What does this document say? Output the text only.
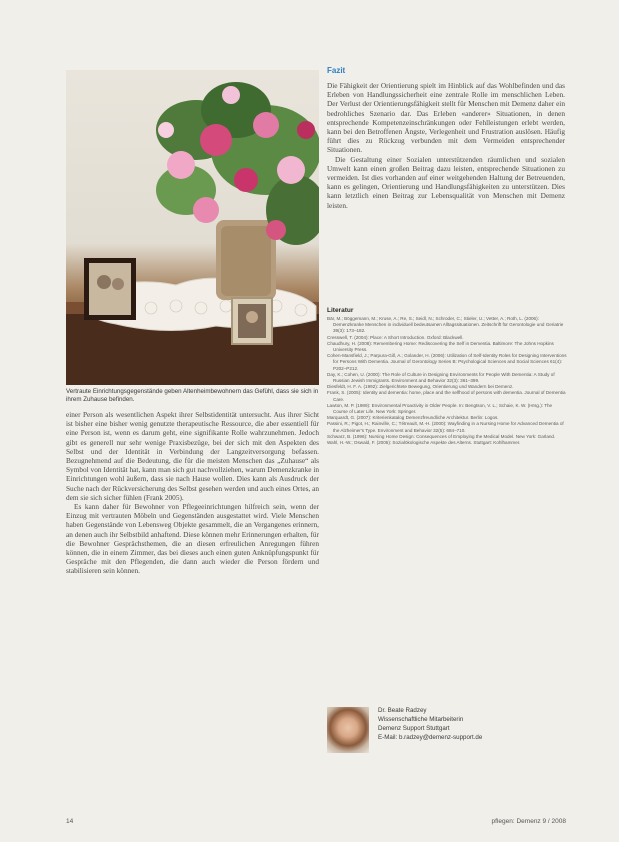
Vertraute Einrichtungsgegenstände geben Altenheimbewohnern das Gefühl, dass sie sich in ihrem Zuhause befinden.

einer Person als wesentlichen Aspekt ihrer Selbstidentität untersucht. Aus ihrer Sicht ist bisher eine bisher wenig genutzte therapeutische Ressource, die aber essentiell für eine Person ist, wenn es darum geht, eine signifikante Rolle wahrzunehmen. Jedoch gibt es generell nur sehr wenige Praxisbezüge, bei der sich mit den Aspekten des Selbst und der Identität in Verbindung der Langzeitversorgung befassen. Bezugnehmend auf die Bedeutung, die für die meisten Menschen das „Zuhause“ als Symbol von Identität hat, kann man sich gut nachvollziehen, warum Demenzkranke in Einrichtungen wohl äußern, dass sie nach Hause wollen. Dies kann als Ausdruck der Suche nach der Rückversicherung des Selbst gesehen werden und auch eines Ortes, an dem sie sich sicher fühlen (Frank 2005).

Es kann daher für Bewohner von Pflegeeinrichtungen hilfreich sein, wenn der Einzug mit vertrauten Möbeln und Gegenständen ausgestattet wird. Viele Menschen haben Gegenstände von Lebensweg Objekte gesammelt, die an Vergangenes erinnern, an denen auch ihr Selbstbild anhaftend. Diese können mehr Erinnerungen erhalten, für die Bewohner Gesprächsthemen, die an diesen erfreulichen Anregungen führen können, die in einem Zimmer, das bei dieses auch einen guten Anknüpfungspunkt für Gespräche mit den Pflegenden, die dann auch wieder die Person fördern und stabilisieren sein können.

Fazit

Die Fähigkeit der Orientierung spielt im Hinblick auf das Wohlbefinden und das Erleben von Handlungssicherheit eine zentrale Rolle im menschlichen Leben. Der Verlust der Orientierungsfähigkeit stellt für Menschen mit Demenz daher ein bedrohliches Szenario dar. Das Erleben «anderer» Situationen, in denen entsprechende Kompetenzeinschränkungen oder Fehlleistungen erlebt werden, kann bei den Betroffenen Ängste, Verlegenheit und Frustration auslösen. Häufig führt dies zu Rückzug verbunden mit dem Vermeiden entsprechender Situationen.

Die Gestaltung einer Sozialen unterstützenden räumlichen und sozialen Umwelt kann einen großen Beitrag dazu leisten, entsprechende Situationen zu vermeiden. Ist dies vorhanden auf einer weitgehenden Haltung der Betreuenden, kann es gelingen, Orientierung und Handlungsfähigkeiten zu unterstützen. Dies kann letztlich einen Beitrag zur Lebensqualität von Menschen mit Demenz leisten.

Literatur
Bär, M.; Böggemann, M.; Kruse, A.; Re, S.; Seidl, N.; Schroder, C.; Stieler, U.; Vetter, A.; Roth, L. (2006): Demenzkranke Menschen in individuell bedeutsamen Alltagssituationen. Zeitschrift für Gerontologie und Geriatrie 39(3): 173–182.
Cresswell, T. (2004): Place: A Short Introduction. Oxford: Blackwell.
Chaudhury, H. (2008): Remembering Home: Rediscovering the Self in Dementia. Baltimore: The Johns Hopkins University Press.
Cohen-Mansfield, J.; Parpura-Gill, A.; Golander, H. (2006): Utilization of Self-Identity Roles for Designing Interventions for Persons With Dementia. Journal of Gerontology Series B: Psychological Sciences and Social Sciences 61(4): P202–P212.
Day, K.; Cohen, U. (2000): The Role of Culture in Designing Environments for People With Dementia: A Study of Russian Jewish Immigrants. Environment and Behavior 32(3): 361–399.
Diesfeldt, H. F. A. (1992): Zielgerichtete Bewegung, Orientierung und Wandern bei Demenz.
Frank, S. (2005): Identity and dementia: home, place and the selfhood of persons with dementia. Journal of Dementia Care.
Lawton, M. P. (1989): Environmental Proactivity in Older People. In: Bengtson, V. L.; Schaie, K. W. (Hrsg.): The Course of Later Life. New York: Springer.
Marquardt, G. (2007): Kriterienkatalog Demenzfreundliche Architektur. Berlin: Logos.
Passini, R.; Pigot, H.; Rainville, C.; Tétreault, M.-H. (2000): Wayfinding in a Nursing Home for Advanced Dementia of the Alzheimer's Type. Environment and Behavior 32(5): 684–710.
Schwarz, B. (1996): Nursing Home Design: Consequences of Employing the Medical Model. New York: Garland.
Wahl, H.-W.; Oswald, F. (2005): Sozialökologische Aspekte des Alterns. Stuttgart: Kohlhammer.
Dr. Beate Radzey
Wissenschaftliche Mitarbeiterin
Demenz Support Stuttgart
E-Mail: b.radzey@demenz-support.de
14	pflegen: Demenz 9 / 2008
